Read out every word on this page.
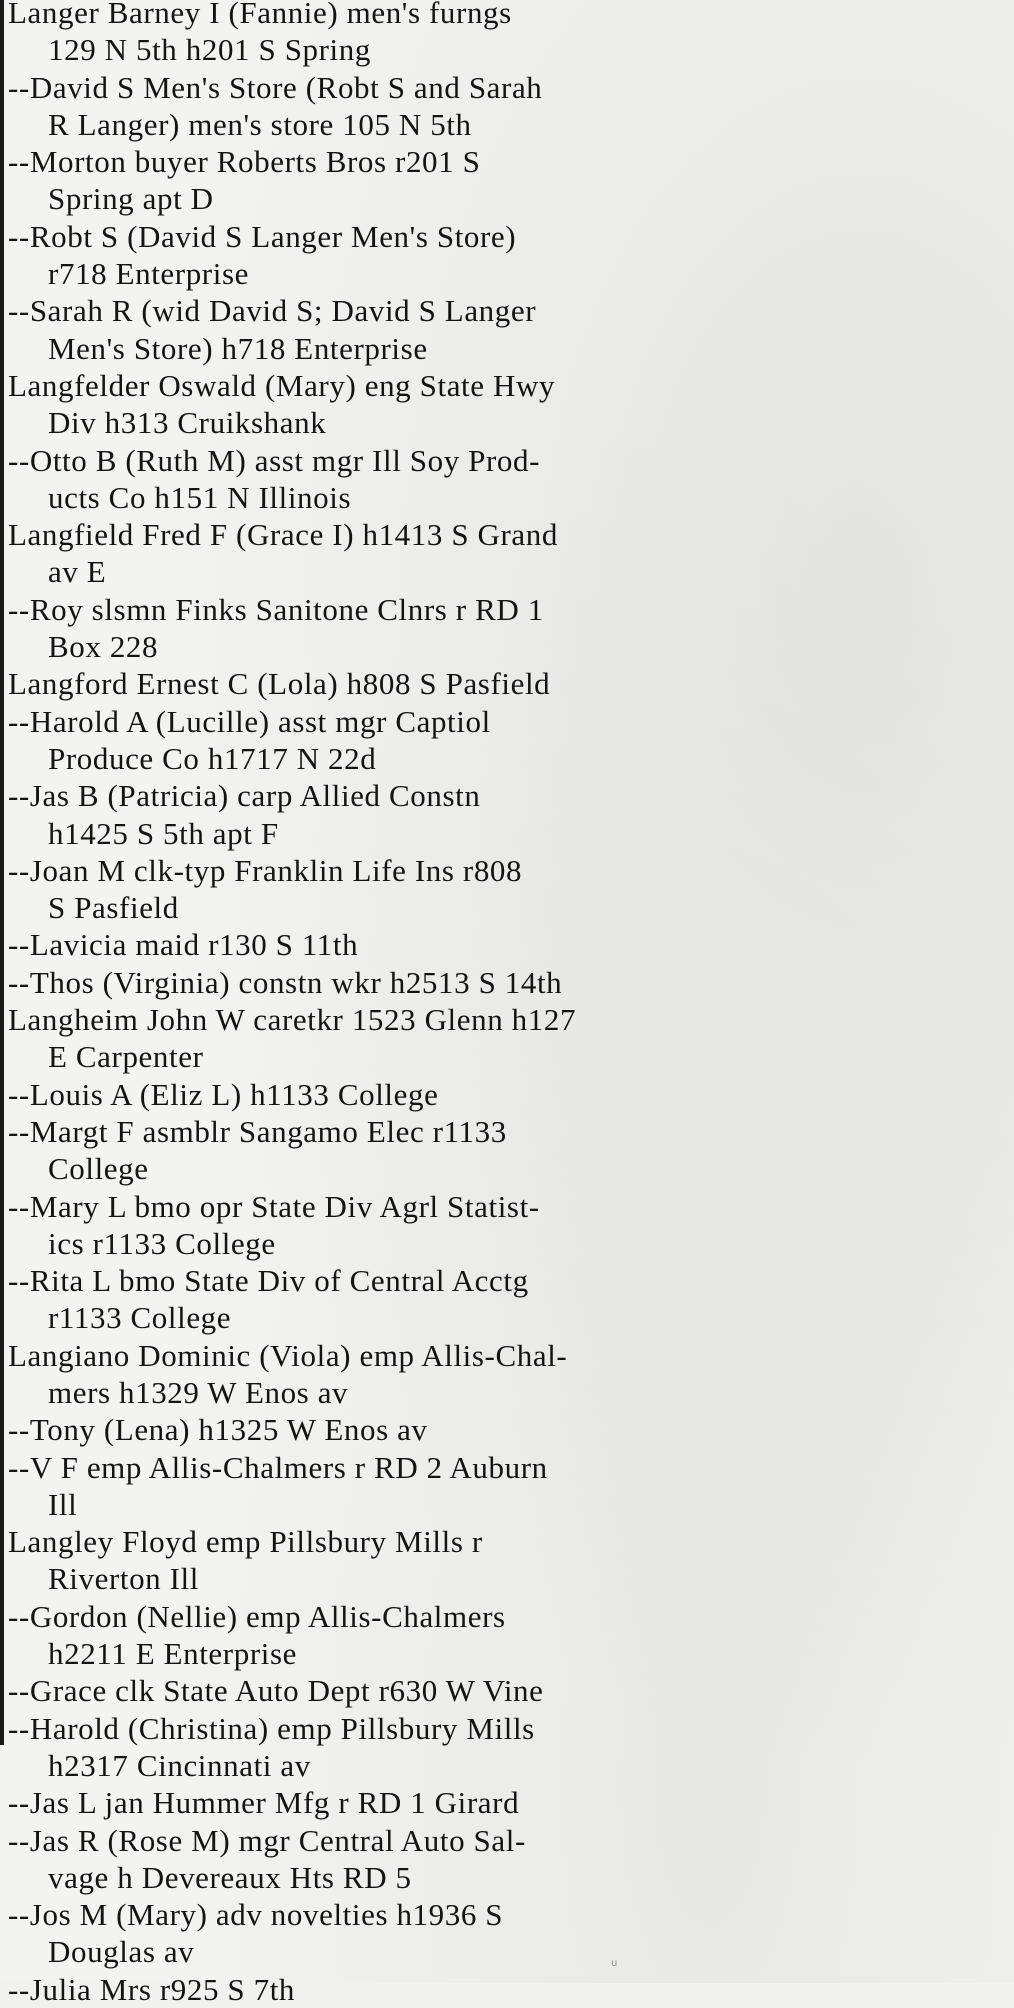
Langer Barney I (Fannie) men's furngs
129 N 5th h201 S Spring
--David S Men's Store (Robt S and Sarah
R Langer) men's store 105 N 5th
--Morton buyer Roberts Bros r201 S
Spring apt D
--Robt S (David S Langer Men's Store)
r718 Enterprise
--Sarah R (wid David S; David S Langer
Men's Store) h718 Enterprise
Langfelder Oswald (Mary) eng State Hwy
Div h313 Cruikshank
--Otto B (Ruth M) asst mgr Ill Soy Prod-
ucts Co h151 N Illinois
Langfield Fred F (Grace I) h1413 S Grand
av E
--Roy slsmn Finks Sanitone Clnrs r RD 1
Box 228
Langford Ernest C (Lola) h808 S Pasfield
--Harold A (Lucille) asst mgr Captiol
Produce Co h1717 N 22d
--Jas B (Patricia) carp Allied Constn
h1425 S 5th apt F
--Joan M clk-typ Franklin Life Ins r808
S Pasfield
--Lavicia maid r130 S 11th
--Thos (Virginia) constn wkr h2513 S 14th
Langheim John W caretkr 1523 Glenn h127
E Carpenter
--Louis A (Eliz L) h1133 College
--Margt F asmblr Sangamo Elec r1133
College
--Mary L bmo opr State Div Agrl Statist-
ics r1133 College
--Rita L bmo State Div of Central Acctg
r1133 College
Langiano Dominic (Viola) emp Allis-Chal-
mers h1329 W Enos av
--Tony (Lena) h1325 W Enos av
--V F emp Allis-Chalmers r RD 2 Auburn
Ill
Langley Floyd emp Pillsbury Mills r
Riverton Ill
--Gordon (Nellie) emp Allis-Chalmers
h2211 E Enterprise
--Grace clk State Auto Dept r630 W Vine
--Harold (Christina) emp Pillsbury Mills
h2317 Cincinnati av
--Jas L jan Hummer Mfg r RD 1 Girard
--Jas R (Rose M) mgr Central Auto Sal-
vage h Devereaux Hts RD 5
--Jos M (Mary) adv novelties h1936 S
Douglas av
--Julia Mrs r925 S 7th
u
